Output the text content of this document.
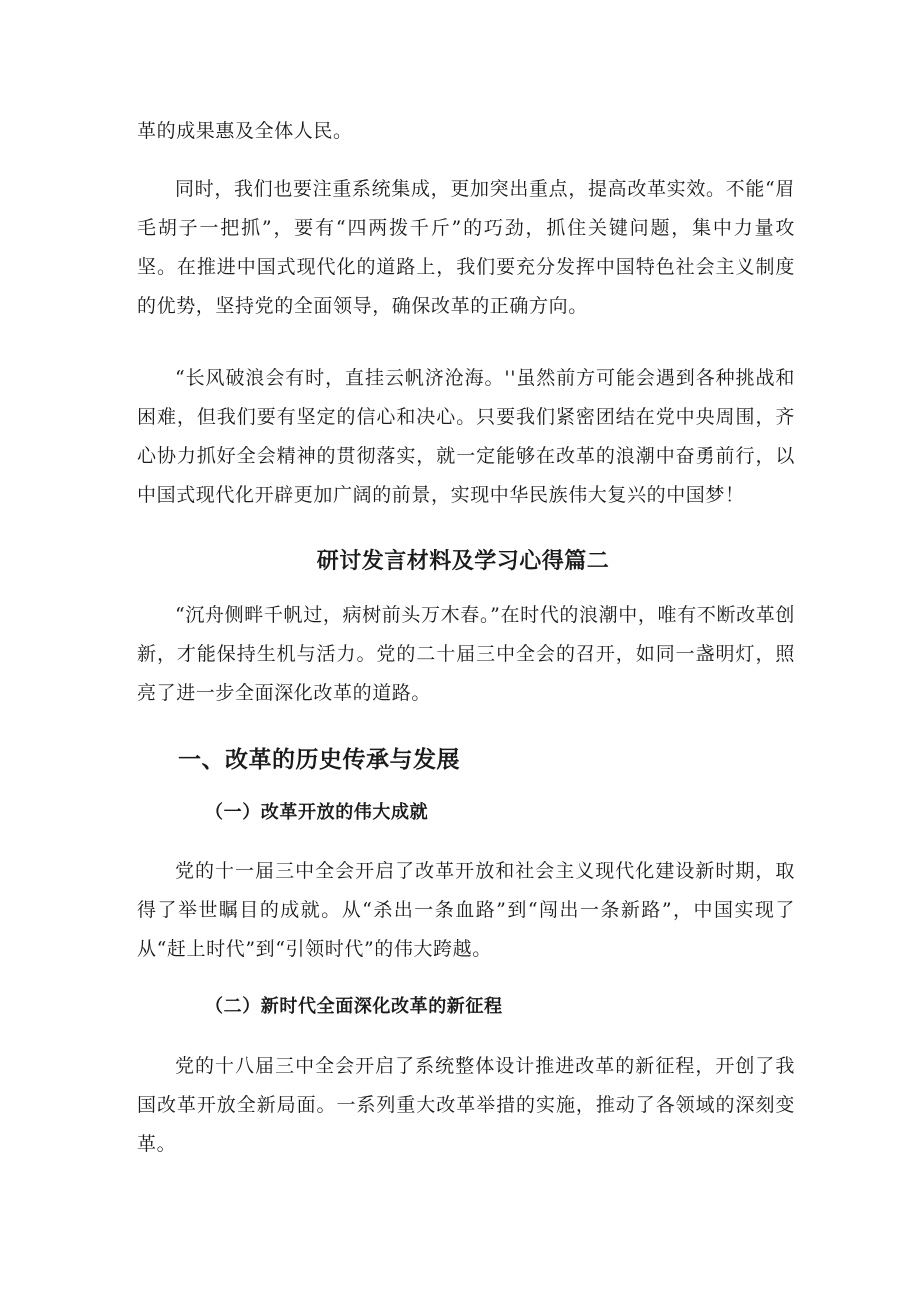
革的成果惠及全体人民。

同时，我们也要注重系统集成，更加突出重点，提高改革实效。不能“眉毛胡子一把抓”，要有“四两拨千斤”的巧劲，抓住关键问题，集中力量攻坚。在推进中国式现代化的道路上，我们要充分发挥中国特色社会主义制度的优势，坚持党的全面领导，确保改革的正确方向。

“长风破浪会有时，直挂云帆济沧海。''虽然前方可能会遇到各种挑战和困难，但我们要有坚定的信心和决心。只要我们紧密团结在党中央周围，齐心协力抓好全会精神的贯彻落实，就一定能够在改革的浪潮中奋勇前行，以中国式现代化开辟更加广阔的前景，实现中华民族伟大复兴的中国梦！

研讨发言材料及学习心得篇二

“沉舟侧畔千帆过，病树前头万木春。”在时代的浪潮中，唯有不断改革创新，才能保持生机与活力。党的二十届三中全会的召开，如同一盏明灯，照亮了进一步全面深化改革的道路。

一、改革的历史传承与发展
（一）改革开放的伟大成就

党的十一届三中全会开启了改革开放和社会主义现代化建设新时期，取得了举世瞩目的成就。从“杀出一条血路”到“闯出一条新路”，中国实现了从“赶上时代”到“引领时代”的伟大跨越。

（二）新时代全面深化改革的新征程

党的十八届三中全会开启了系统整体设计推进改革的新征程，开创了我国改革开放全新局面。一系列重大改革举措的实施，推动了各领域的深刻变革。
